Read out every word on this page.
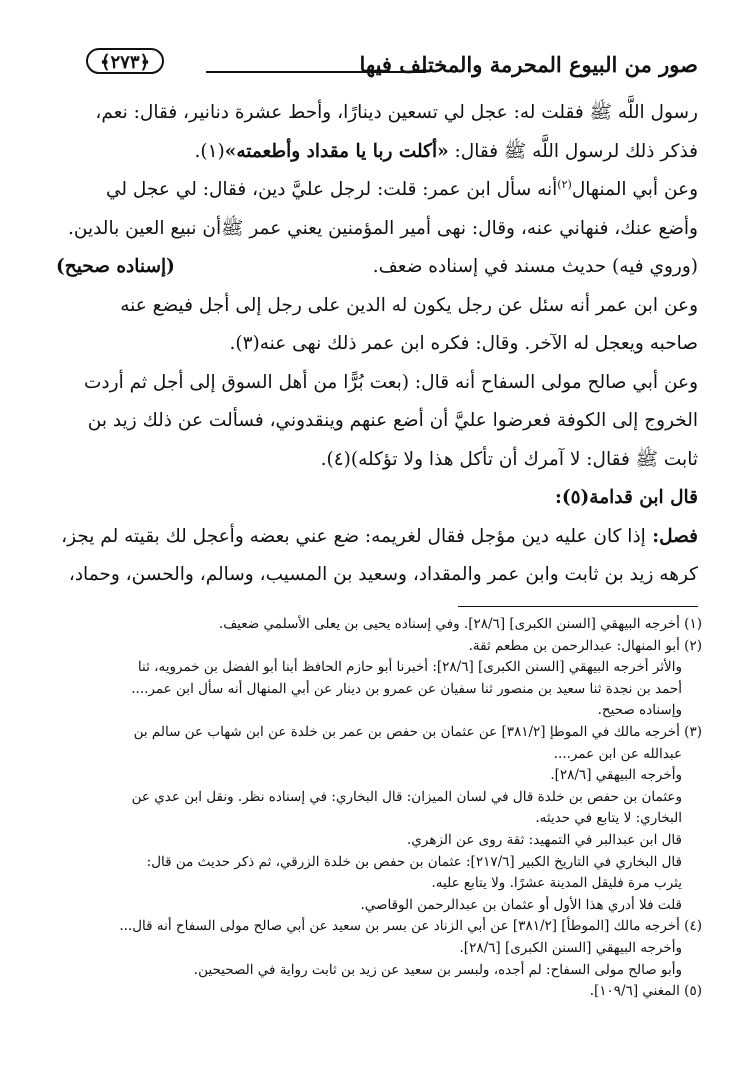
صور من البيوع المحرمة والمختلف فيها
﴿٢٧٣﴾

رسول اللَّه ﷺ فقلت له: عجل لي تسعين دينارًا، وأحط عشرة دنانير، فقال: نعم،

فذكر ذلك لرسول اللَّه ﷺ فقال: «أكلت ربا يا مقداد وأطعمته»(١).

وعن أبي المنهال$^{(٢)}$أنه سأل ابن عمر: قلت: لرجل عليَّ دين، فقال: لي عجل لي

وأضع عنك، فنهاني عنه، وقال: نهى أمير المؤمنين يعني عمر ﷺأن نبيع العين بالدين.

(وروي فيه) حديث مسند في إسناده ضعف.
(إسناده صحيح)

وعن ابن عمر أنه سئل عن رجل يكون له الدين على رجل إلى أجل فيضع عنه

صاحبه ويعجل له الآخر. وقال: فكره ابن عمر ذلك نهى عنه(٣).

وعن أبي صالح مولى السفاح أنه قال: (بعت بُرًّا من أهل السوق إلى أجل ثم أردت

الخروج إلى الكوفة فعرضوا عليَّ أن أضع عنهم وينقدوني، فسألت عن ذلك زيد بن

ثابت ﷺ فقال: لا آمرك أن تأكل هذا ولا تؤكله)(٤).

قال ابن قدامة(٥):

فصل: إذا كان عليه دين مؤجل فقال لغريمه: ضع عني بعضه وأعجل لك بقيته لم يجز،

كرهه زيد بن ثابت وابن عمر والمقداد، وسعيد بن المسيب، وسالم، والحسن، وحماد،

(١) أخرجه البيهقي [السنن الكبرى] [٢٨/٦]. وفي إسناده يحيى بن يعلى الأسلمي ضعيف.

(٢) أبو المنهال: عبدالرحمن بن مطعم ثقة.

والأثر أخرجه البيهقي [السنن الكبرى] [٢٨/٦]: أخبرنا أبو حازم الحافظ أبنا أبو الفضل بن خمرويه، ثنا

أحمد بن نجدة ثنا سعيد بن منصور ثنا سفيان عن عمرو بن دينار عن أبي المنهال أنه سأل ابن عمر....

وإسناده صحيح.

(٣) أخرجه مالك في الموطإ [٣٨١/٢] عن عثمان بن حفص بن عمر بن خلدة عن ابن شهاب عن سالم بن

عبدالله عن ابن عمر....

وأخرجه البيهقي [٢٨/٦].

وعثمان بن حفص بن خلدة قال في لسان الميزان: قال البخاري: في إسناده نظر. ونقل ابن عدي عن

البخاري: لا يتابع في حديثه.

قال ابن عبدالبر في التمهيد: ثقة روى عن الزهري.

قال البخاري في التاريخ الكبير [٢١٧/٦]: عثمان بن حفص بن خلدة الزرقي، ثم ذكر حديث من قال:

يثرب مرة فليقل المدينة عشرًا. ولا يتابع عليه.

قلت فلا أدري هذا الأول أو عثمان بن عبدالرحمن الوقاصي.

(٤) أخرجه مالك [الموطأ] [٣٨١/٢] عن أبي الزناد عن بسر بن سعيد عن أبي صالح مولى السفاح أنه قال...

وأخرجه البيهقي [السنن الكبرى] [٢٨/٦].

وأبو صالح مولى السفاح: لم أجده، ولبسر بن سعيد عن زيد بن ثابت رواية في الصحيحين.

(٥) المغني [١٠٩/٦].
